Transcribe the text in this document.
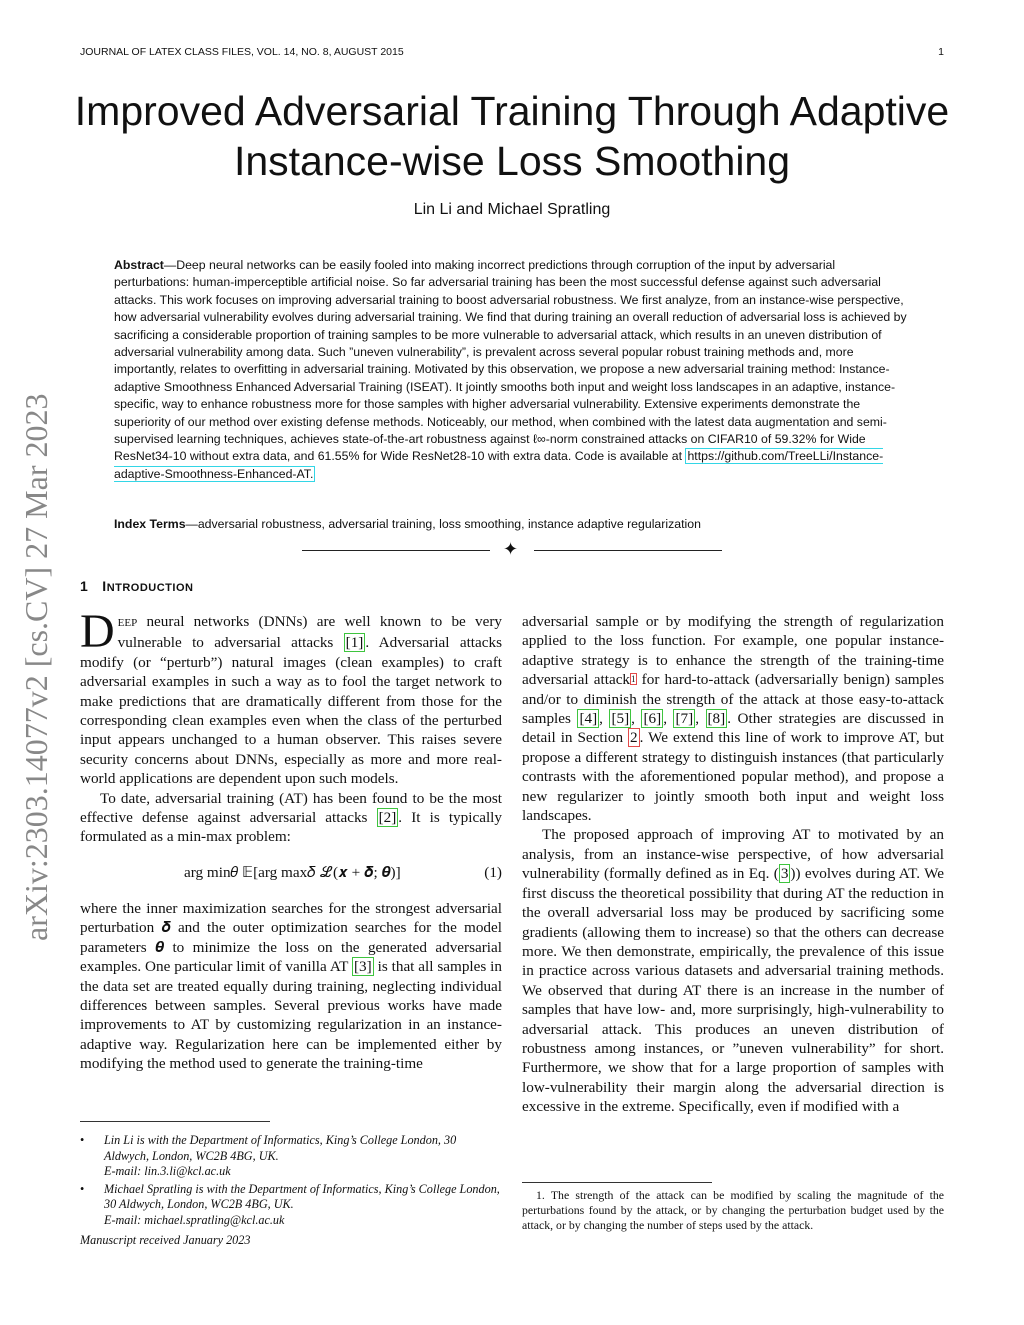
JOURNAL OF LATEX CLASS FILES, VOL. 14, NO. 8, AUGUST 2015	1
arXiv:2303.14077v2 [cs.CV] 27 Mar 2023
Improved Adversarial Training Through Adaptive
Instance-wise Loss Smoothing
Lin Li and Michael Spratling
Abstract—Deep neural networks can be easily fooled into making incorrect predictions through corruption of the input by adversarial perturbations: human-imperceptible artificial noise. So far adversarial training has been the most successful defense against such adversarial attacks. This work focuses on improving adversarial training to boost adversarial robustness. We first analyze, from an instance-wise perspective, how adversarial vulnerability evolves during adversarial training. We find that during training an overall reduction of adversarial loss is achieved by sacrificing a considerable proportion of training samples to be more vulnerable to adversarial attack, which results in an uneven distribution of adversarial vulnerability among data. Such ”uneven vulnerability”, is prevalent across several popular robust training methods and, more importantly, relates to overfitting in adversarial training. Motivated by this observation, we propose a new adversarial training method: Instance-adaptive Smoothness Enhanced Adversarial Training (ISEAT). It jointly smooths both input and weight loss landscapes in an adaptive, instance-specific, way to enhance robustness more for those samples with higher adversarial vulnerability. Extensive experiments demonstrate the superiority of our method over existing defense methods. Noticeably, our method, when combined with the latest data augmentation and semi-supervised learning techniques, achieves state-of-the-art robustness against ℓ∞-norm constrained attacks on CIFAR10 of 59.32% for Wide ResNet34-10 without extra data, and 61.55% for Wide ResNet28-10 with extra data. Code is available at https://github.com/TreeLLi/Instance-adaptive-Smoothness-Enhanced-AT.
Index Terms—adversarial robustness, adversarial training, loss smoothing, instance adaptive regularization
✦
1 INTRODUCTION

DEEP neural networks (DNNs) are well known to be very vulnerable to adversarial attacks [1] . Adversarial attacks modify (or “perturb”) natural images (clean examples) to craft adversarial examples in such a way as to fool the target network to make predictions that are dramatically different from those for the corresponding clean examples even when the class of the perturbed input appears unchanged to a human observer. This raises severe security concerns about DNNs, especially as more and more real-world applications are dependent upon such models.

To date, adversarial training (AT) has been found to be the most effective defense against adversarial attacks [2] . It is typically formulated as a min-max problem:

arg min𝜃 𝔼[arg max𝛿 ℒ(𝒙 + 𝜹; 𝜽)]	(1)

where the inner maximization searches for the strongest adversarial perturbation 𝜹 and the outer optimization searches for the model parameters 𝜽 to minimize the loss on the generated adversarial examples. One particular limit of vanilla AT [3] is that all samples in the data set are treated equally during training, neglecting individual differences between samples. Several previous works have made improvements to AT by customizing regularization in an instance-adaptive way. Regularization here can be implemented either by modifying the method used to generate the training-time

adversarial sample or by modifying the strength of regularization applied to the loss function. For example, one popular instance-adaptive strategy is to enhance the strength of the training-time adversarial attack$^1$ for hard-to-attack (adversarially benign) samples and/or to diminish the strength of the attack at those easy-to-attack samples [4] , [5] , [6] , [7] , [8] . Other strategies are discussed in detail in Section 2 . We extend this line of work to improve AT, but propose a different strategy to distinguish instances (that particularly contrasts with the aforementioned popular method), and propose a new regularizer to jointly smooth both input and weight loss landscapes.

The proposed approach of improving AT to motivated by an analysis, from an instance-wise perspective, of how adversarial vulnerability (formally defined as in Eq. ( 3 )) evolves during AT. We first discuss the theoretical possibility that during AT the reduction in the overall adversarial loss may be produced by sacrificing some gradients (allowing them to increase) so that the others can decrease more. We then demonstrate, empirically, the prevalence of this issue in practice across various datasets and adversarial training methods. We observed that during AT there is an increase in the number of samples that have low- and, more surprisingly, high-vulnerability to adversarial attack. This produces an uneven distribution of robustness among instances, or ”uneven vulnerability” for short. Furthermore, we show that for a large proportion of samples with low-vulnerability their margin along the adversarial direction is excessive in the extreme. Specifically, even if modified with a

•	Lin Li is with the Department of Informatics, King’s College London, 30 Aldwych, London, WC2B 4BG, UK.
E-mail: lin.3.li@kcl.ac.uk
•	Michael Spratling is with the Department of Informatics, King’s College London, 30 Aldwych, London, WC2B 4BG, UK.
E-mail: michael.spratling@kcl.ac.uk
Manuscript received January 2023
1. The strength of the attack can be modified by scaling the magnitude of the perturbations found by the attack, or by changing the perturbation budget used by the attack, or by changing the number of steps used by the attack.
